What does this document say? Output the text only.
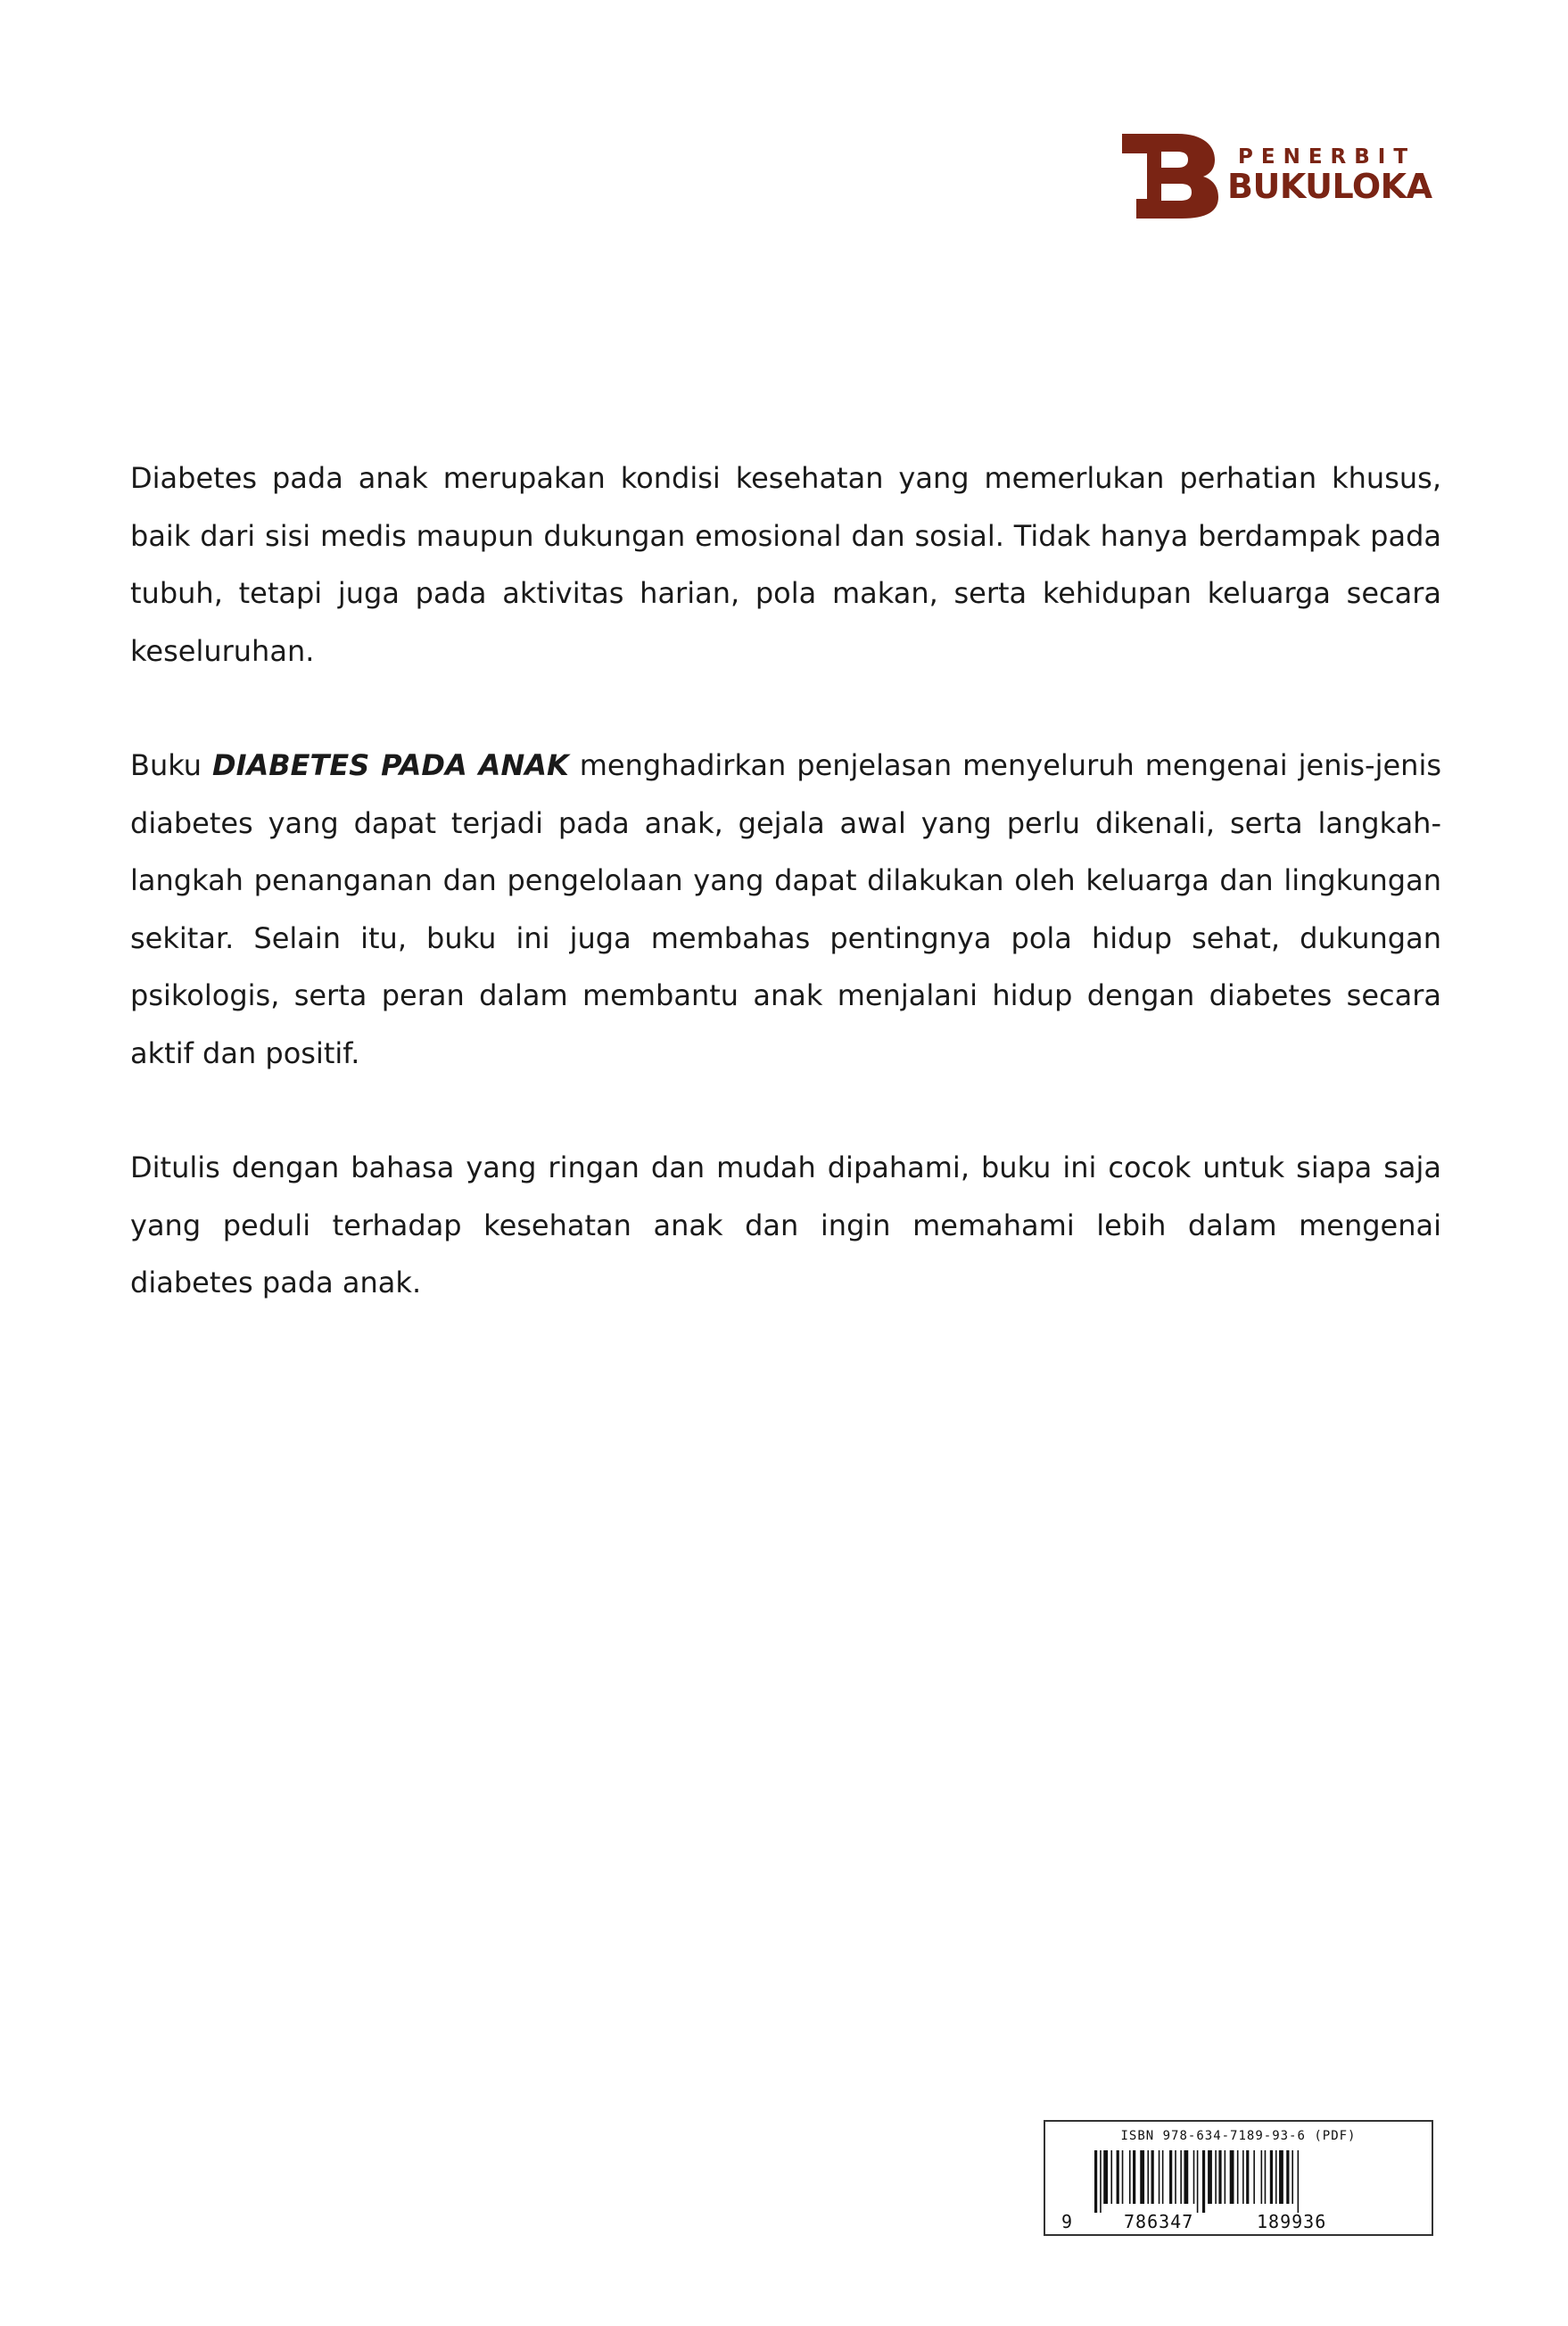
PENERBIT
BUKULOKA

Diabetes pada anak merupakan kondisi kesehatan yang memerlukan perhatian khusus, baik dari sisi medis maupun dukungan emosional dan sosial. Tidak hanya berdampak pada tubuh, tetapi juga pada aktivitas harian, pola makan, serta kehidupan keluarga secara keseluruhan.

Buku DIABETES PADA ANAK menghadirkan penjelasan menyeluruh mengenai jenis-jenis diabetes yang dapat terjadi pada anak, gejala awal yang perlu dikenali, serta langkah-langkah penanganan dan pengelolaan yang dapat dilakukan oleh keluarga dan lingkungan sekitar. Selain itu, buku ini juga membahas pentingnya pola hidup sehat, dukungan psikologis, serta peran dalam membantu anak menjalani hidup dengan diabetes secara aktif dan positif.

Ditulis dengan bahasa yang ringan dan mudah dipahami, buku ini cocok untuk siapa saja yang peduli terhadap kesehatan anak dan ingin memahami lebih dalam mengenai diabetes pada anak.

ISBN 978-634-7189-93-6 (PDF)
9	786347	189936
